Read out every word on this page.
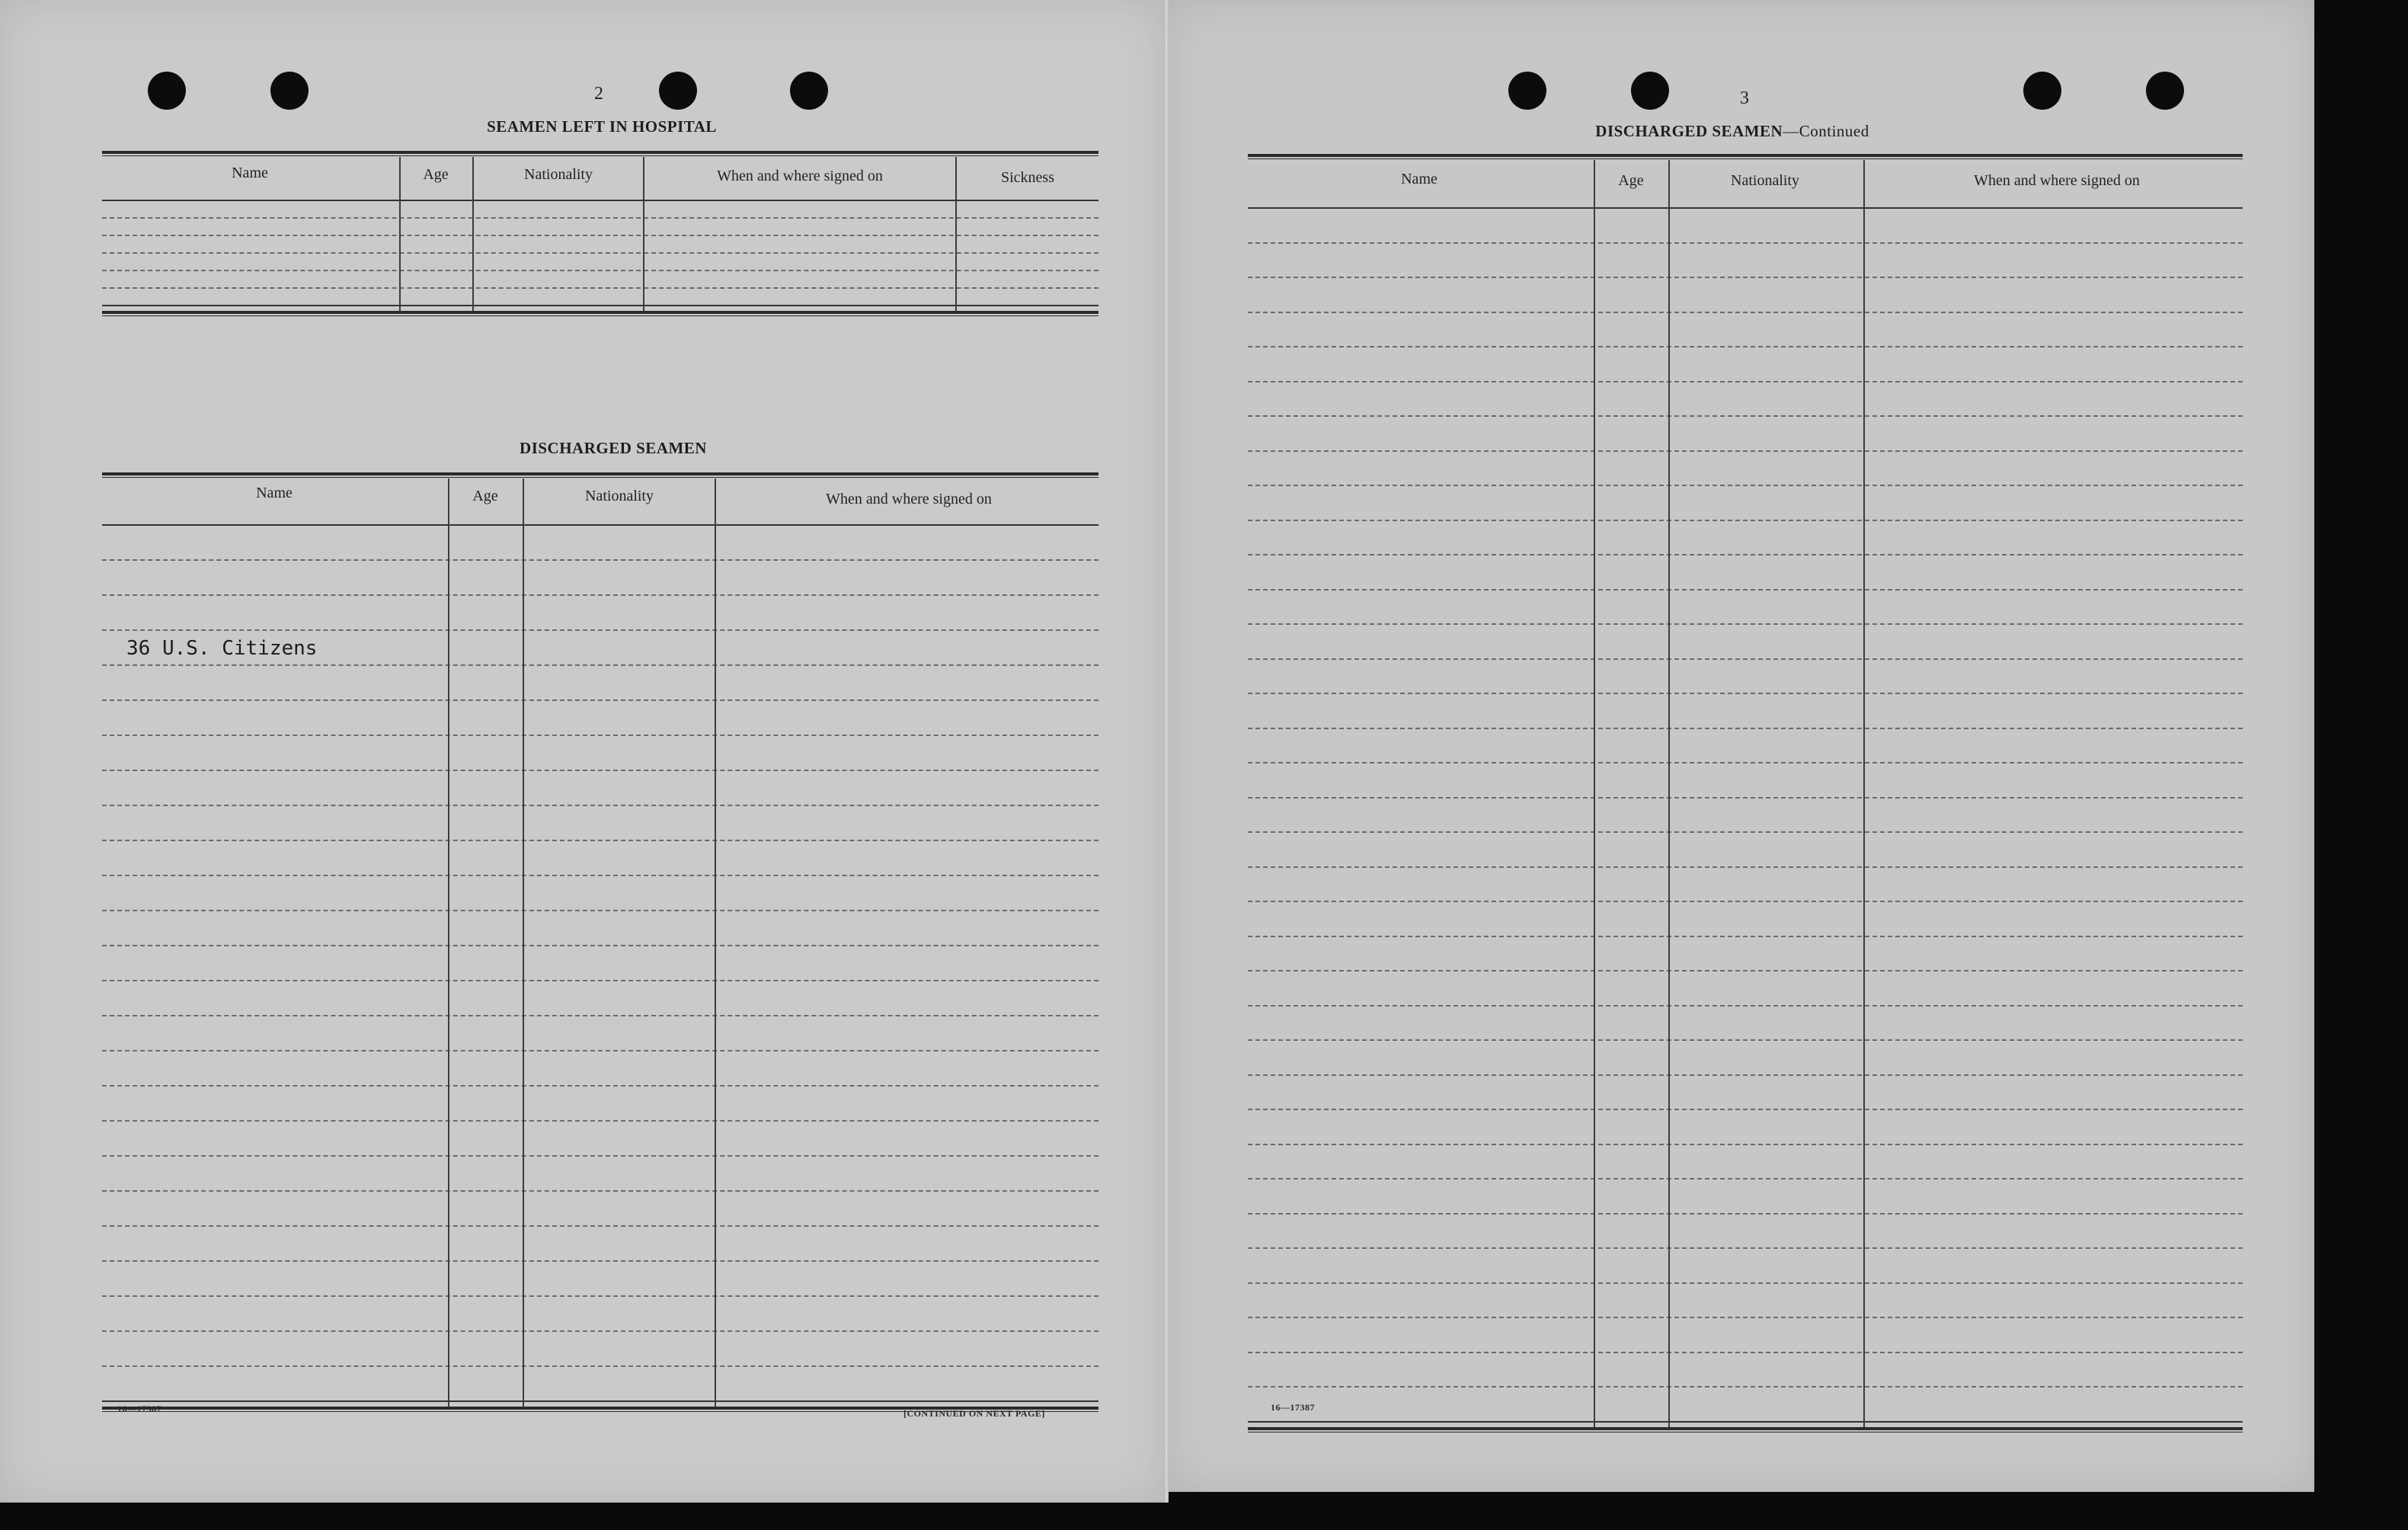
2
SEAMEN LEFT IN HOSPITAL
Name	Age	Nationality	When and where signed on	Sickness
DISCHARGED SEAMEN
Name	Age	Nationality	When and where signed on
36 U.S. Citizens
16—17387	[CONTINUED ON NEXT PAGE]
3
DISCHARGED SEAMEN—Continued
Name	Age	Nationality	When and where signed on
16—17387
